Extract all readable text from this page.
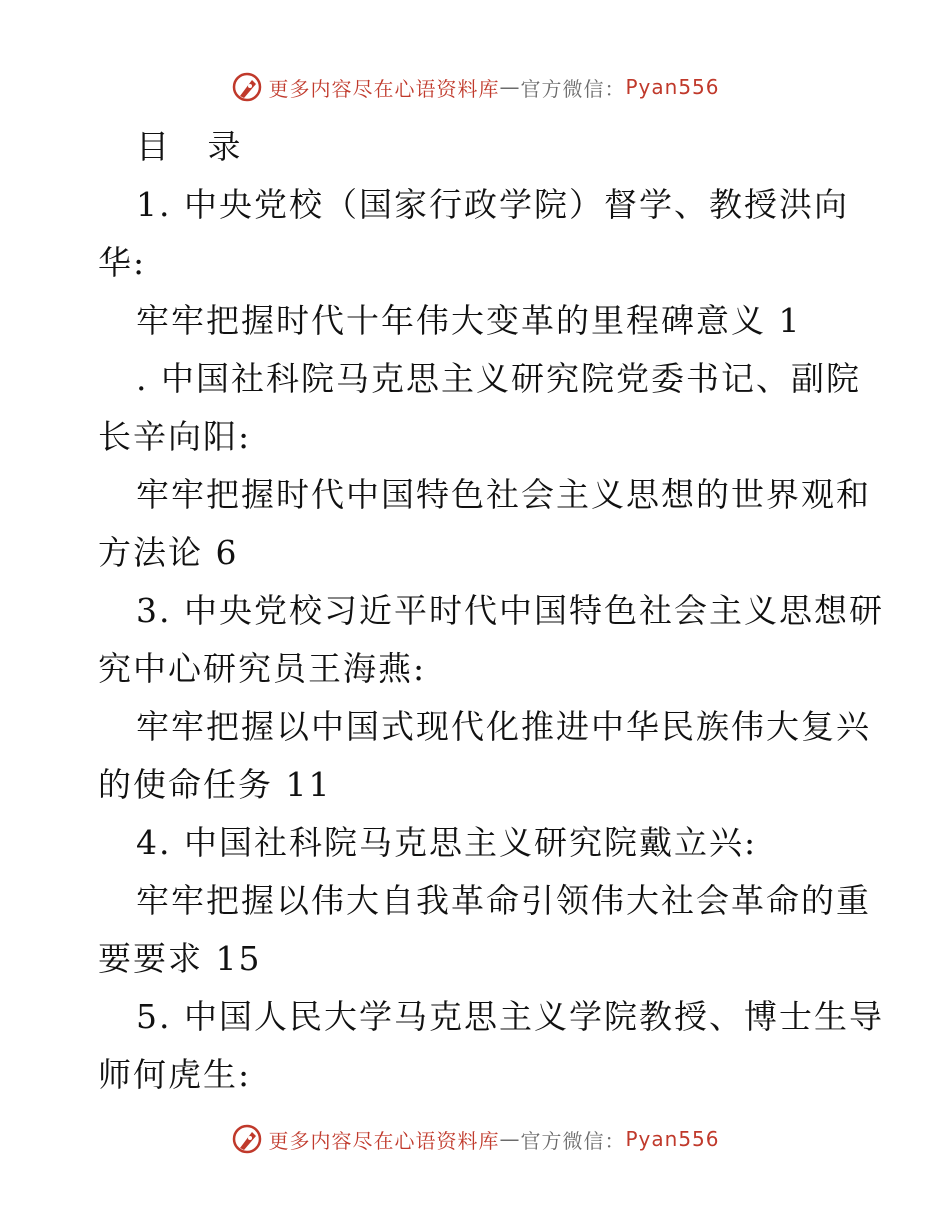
更多内容尽在心语资料库 — 官方微信： Pyan556
目 录
1. 中央党校（国家行政学院）督学、教授洪向
华:
牢牢把握时代十年伟大变革的里程碑意义 1
. 中国社科院马克思主义研究院党委书记、副院
长辛向阳:
牢牢把握时代中国特色社会主义思想的世界观和
方法论 6
3. 中央党校习近平时代中国特色社会主义思想研
究中心研究员王海燕:
牢牢把握以中国式现代化推进中华民族伟大复兴
的使命任务 11
4. 中国社科院马克思主义研究院戴立兴:
牢牢把握以伟大自我革命引领伟大社会革命的重
要要求 15
5. 中国人民大学马克思主义学院教授、博士生导
师何虎生:
更多内容尽在心语资料库 — 官方微信： Pyan556
